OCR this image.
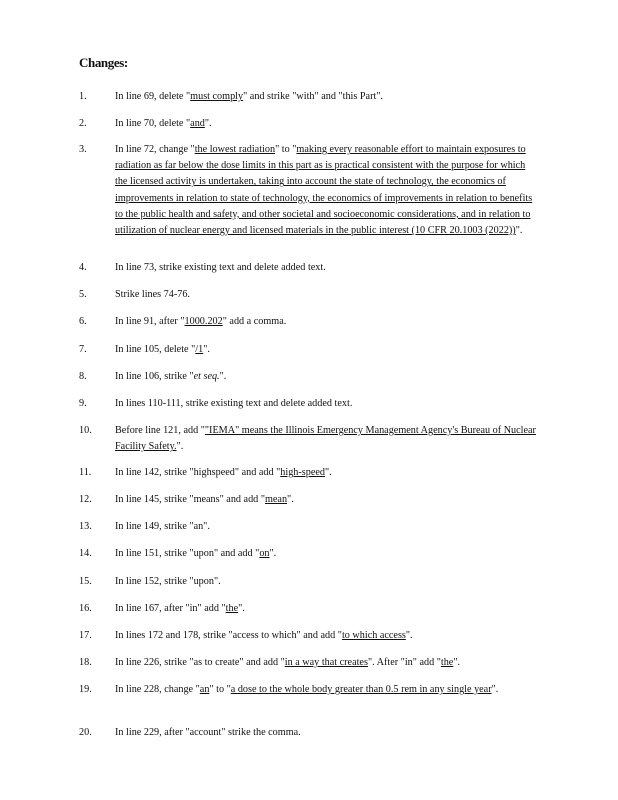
Changes:
1.	In line 69, delete "must comply" and strike "with" and "this Part".
2.	In line 70, delete "and".
3.	In line 72, change "the lowest radiation" to "making every reasonable effort to maintain exposures to radiation as far below the dose limits in this part as is practical consistent with the purpose for which the licensed activity is undertaken, taking into account the state of technology, the economics of improvements in relation to state of technology, the economics of improvements in relation to benefits to the public health and safety, and other societal and socioeconomic considerations, and in relation to utilization of nuclear energy and licensed materials in the public interest (10 CFR 20.1003 (2022))".
4.	In line 73, strike existing text and delete added text.
5.	Strike lines 74-76.
6.	In line 91, after "1000.202" add a comma.
7.	In line 105, delete "/1".
8.	In line 106, strike "et seq.".
9.	In lines 110-111, strike existing text and delete added text.
10. Before line 121, add ""IEMA" means the Illinois Emergency Management Agency's Bureau of Nuclear Facility Safety.".
11. In line 142, strike "highspeed" and add "high-speed".
12. In line 145, strike "means" and add "mean".
13. In line 149, strike "an".
14. In line 151, strike "upon" and add "on".
15. In line 152, strike "upon".
16. In line 167, after "in" add "the".
17. In lines 172 and 178, strike "access to which" and add "to which access".
18. In line 226, strike "as to create" and add "in a way that creates". After "in" add "the".
19. In line 228, change "an" to "a dose to the whole body greater than 0.5 rem in any single year".
20. In line 229, after "account" strike the comma.
